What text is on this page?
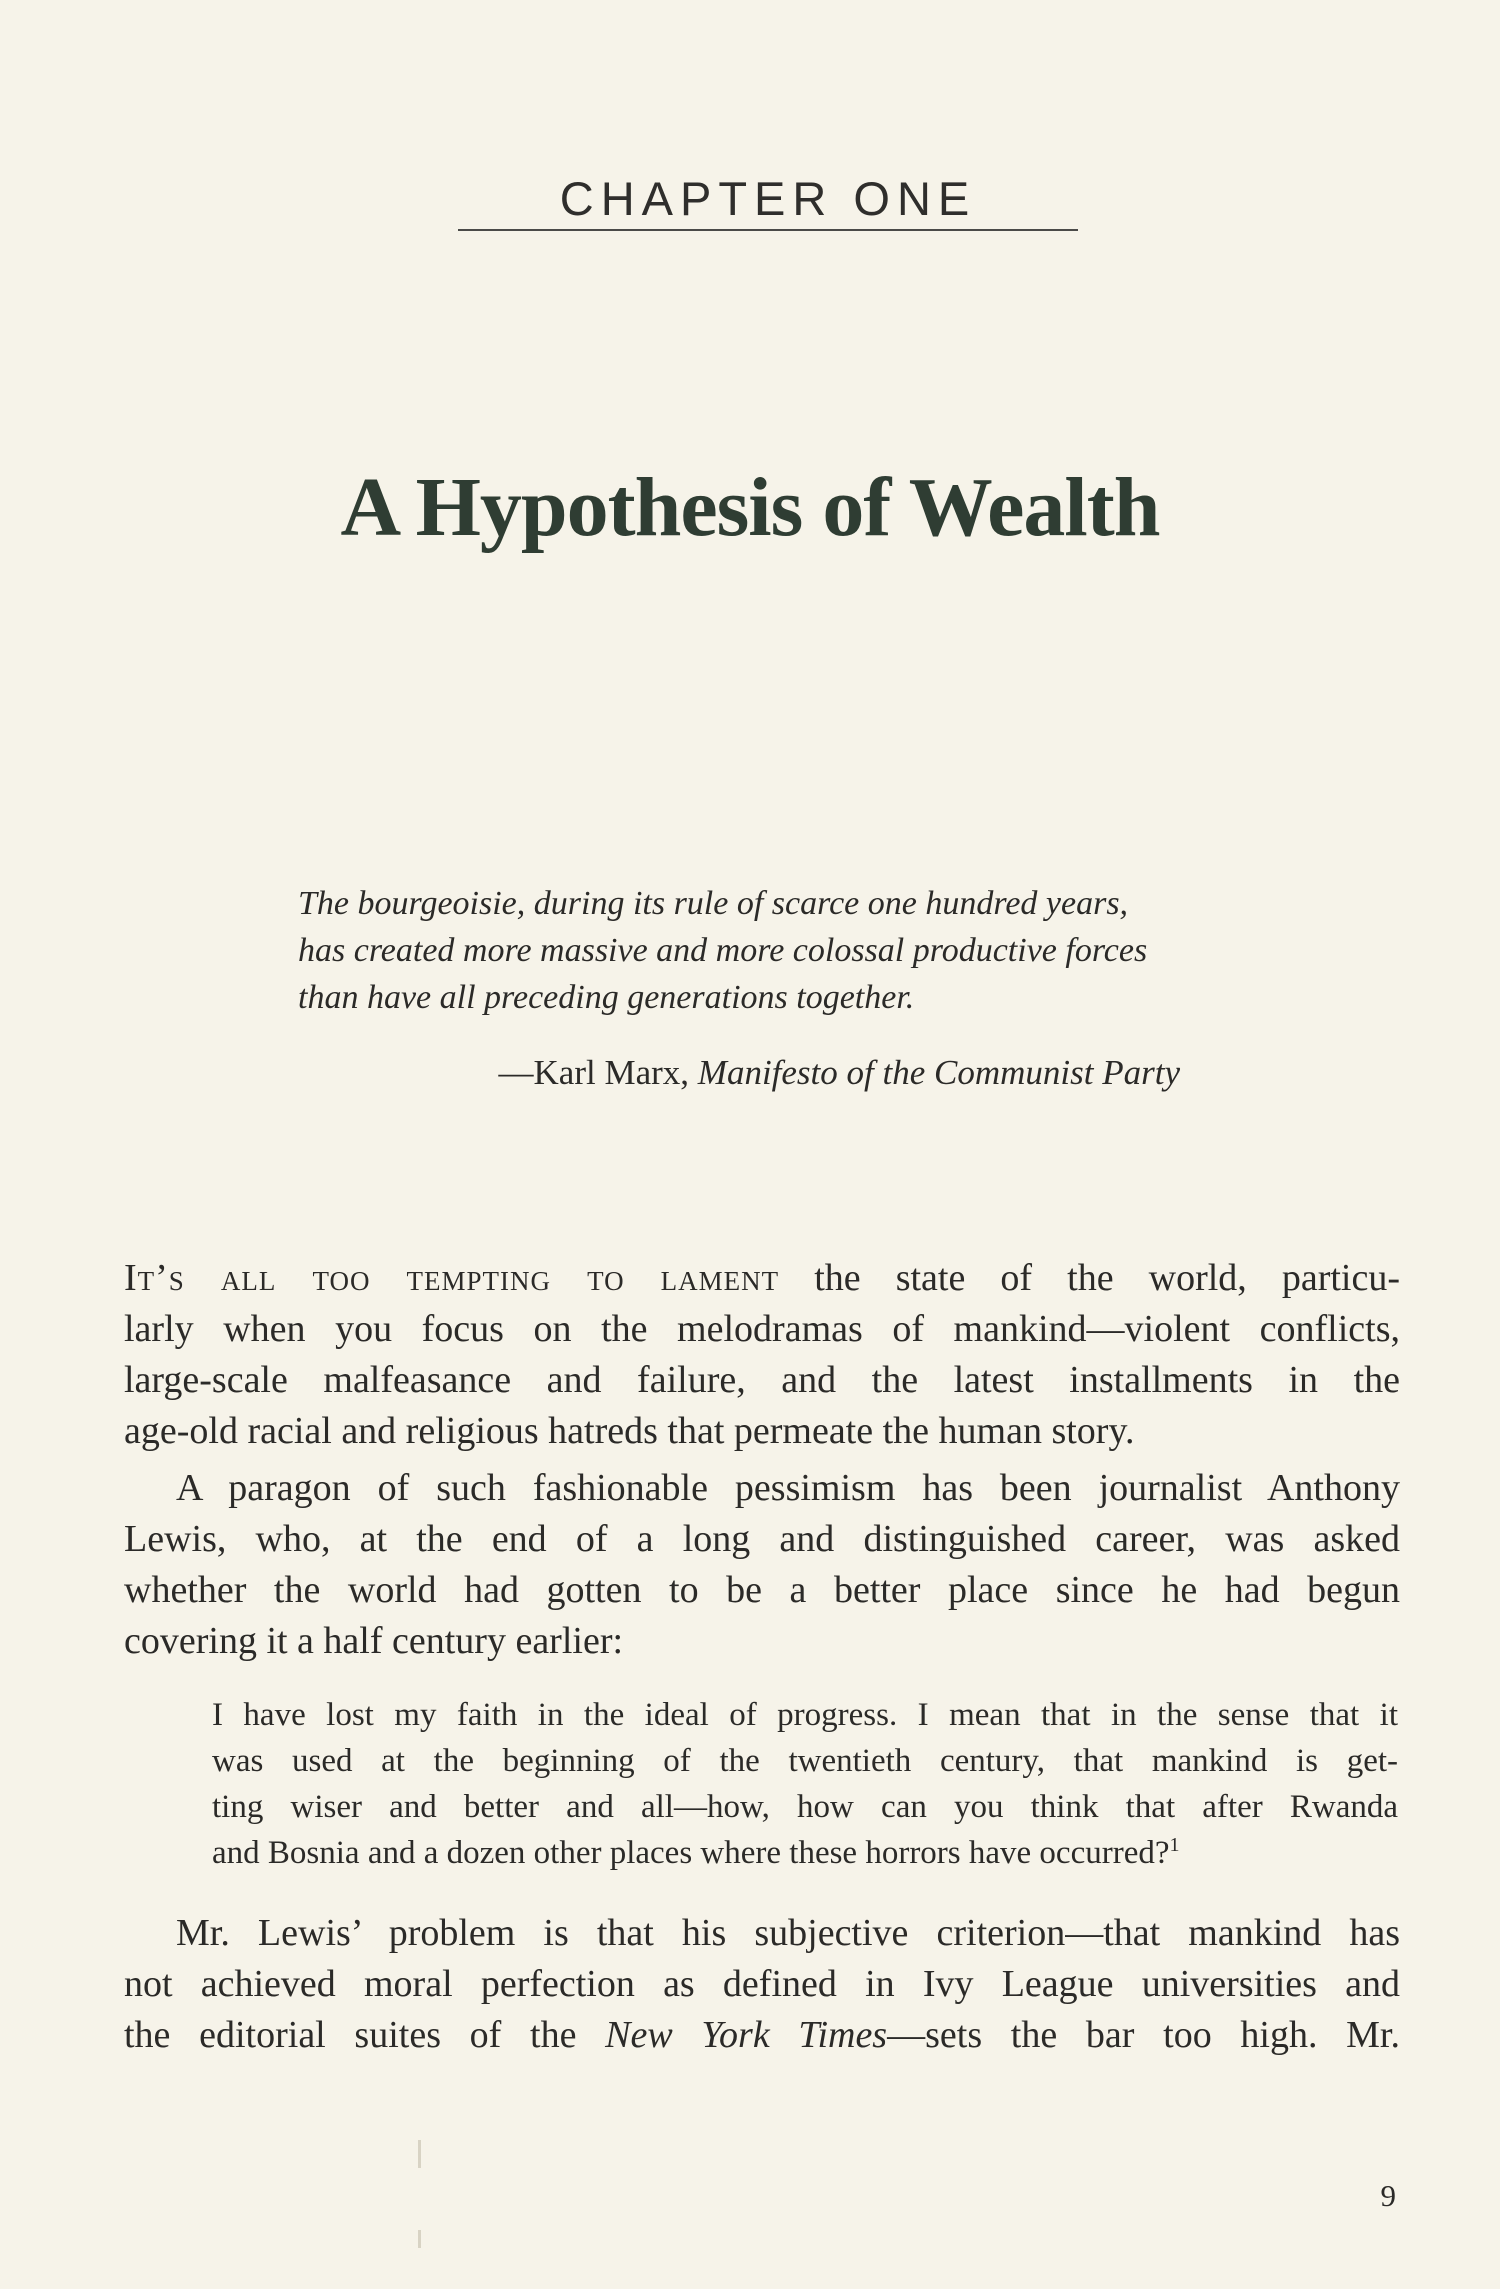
CHAPTER ONE
A Hypothesis of Wealth
The bourgeoisie, during its rule of scarce one hundred years,
has created more massive and more colossal productive forces
than have all preceding generations together.
—Karl Marx, Manifesto of the Communist Party
It’s all too tempting to lament the state of the world, particu-
larly when you focus on the melodramas of mankind—violent conflicts,
large-scale malfeasance and failure, and the latest installments in the
age-old racial and religious hatreds that permeate the human story.
A paragon of such fashionable pessimism has been journalist Anthony
Lewis, who, at the end of a long and distinguished career, was asked
whether the world had gotten to be a better place since he had begun
covering it a half century earlier:
I have lost my faith in the ideal of progress. I mean that in the sense that it
was used at the beginning of the twentieth century, that mankind is get-
ting wiser and better and all—how, how can you think that after Rwanda
and Bosnia and a dozen other places where these horrors have occurred?$^1$
Mr. Lewis’ problem is that his subjective criterion—that mankind has
not achieved moral perfection as defined in Ivy League universities and
the editorial suites of the New York Times—sets the bar too high. Mr.
9
